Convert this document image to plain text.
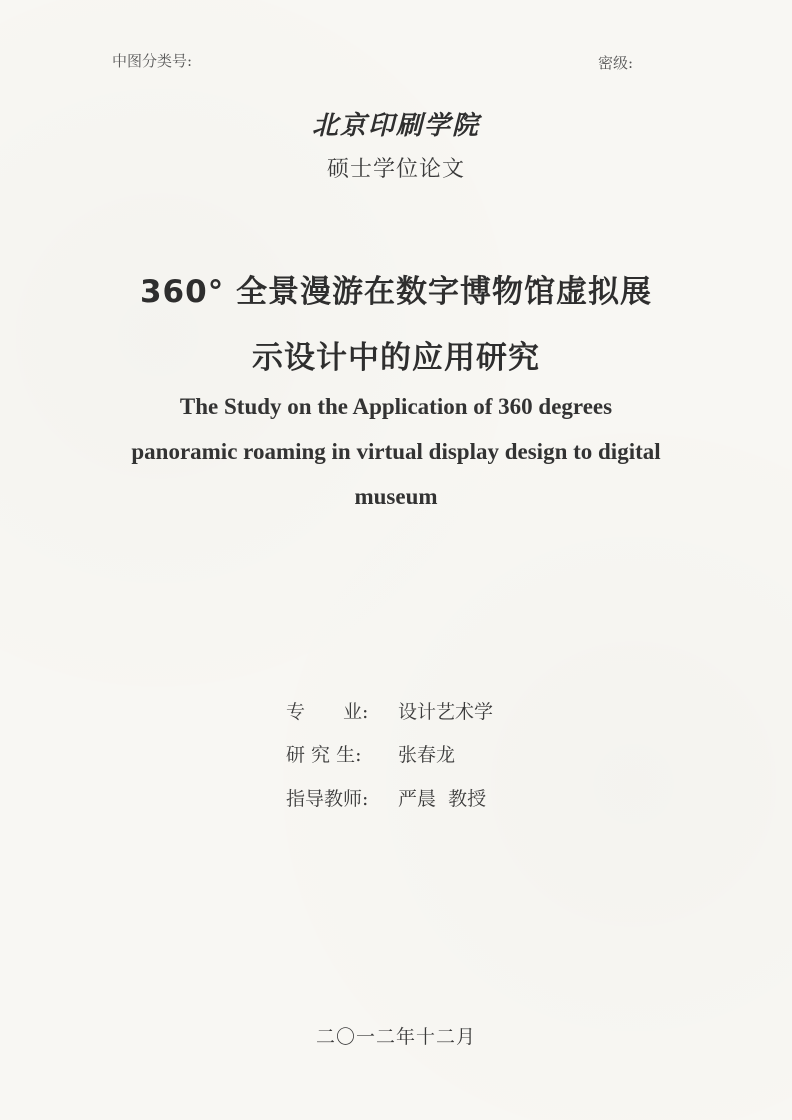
中图分类号:	密级:
北京印刷学院
硕士学位论文
360° 全景漫游在数字博物馆虚拟展
示设计中的应用研究
The Study on the Application of 360 degrees
panoramic roaming in virtual display design to digital
museum
专　　业: 设计艺术学
研 究 生: 张春龙
指导教师: 严晨  教授
二〇一二年十二月
